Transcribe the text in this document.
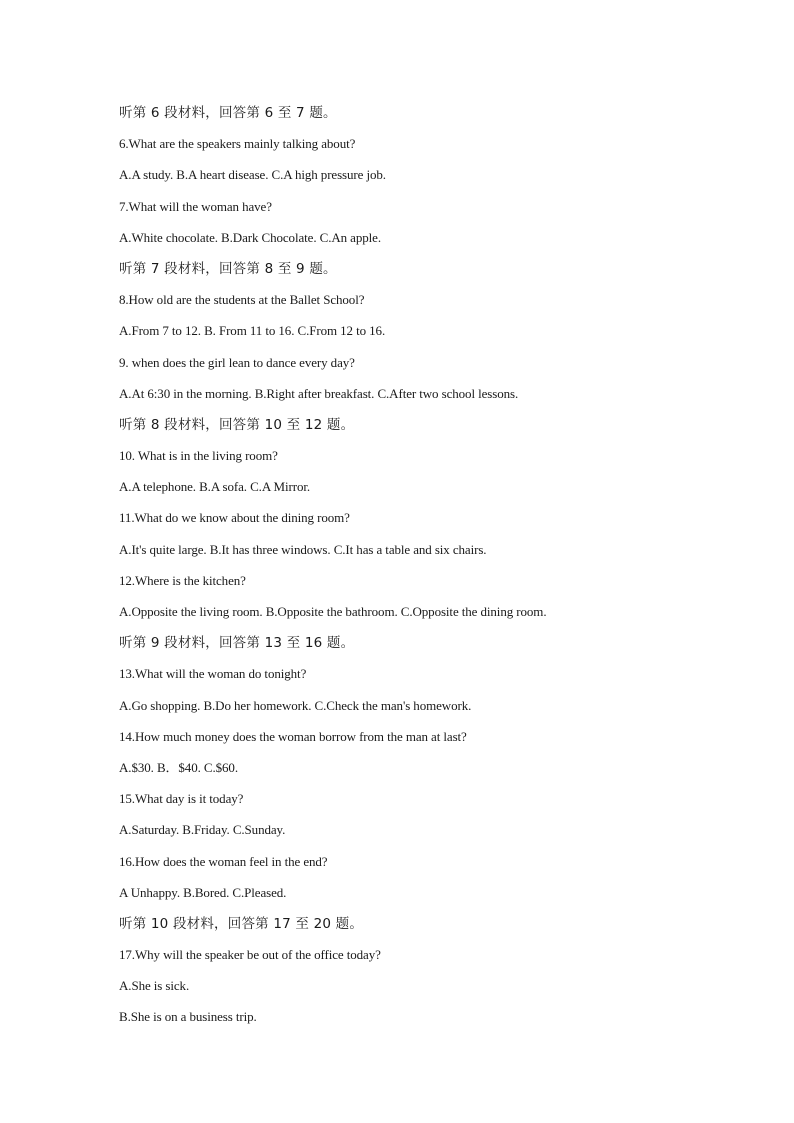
听第 6 段材料，回答第 6 至 7 题。
6.What are the speakers mainly talking about?
A.A study. B.A heart disease. C.A high pressure job.
7.What will the woman have?
A.White chocolate. B.Dark Chocolate. C.An apple.
听第 7 段材料，回答第 8 至 9 题。
8.How old are the students at the Ballet School?
A.From 7 to 12. B. From 11 to 16. C.From 12 to 16.
9. when does the girl lean to dance every day?
A.At 6:30 in the morning. B.Right after breakfast. C.After two school lessons.
听第 8 段材料，回答第 10 至 12 题。
10. What is in the living room?
A.A telephone. B.A sofa. C.A Mirror.
11.What do we know about the dining room?
A.It's quite large. B.It has three windows. C.It has a table and six chairs.
12.Where is the kitchen?
A.Opposite the living room. B.Opposite the bathroom. C.Opposite the dining room.
听第 9 段材料，回答第 13 至 16 题。
13.What will the woman do tonight?
A.Go shopping. B.Do her homework. C.Check the man's homework.
14.How much money does the woman borrow from the man at last?
A.$30. B．$40. C.$60.
15.What day is it today?
A.Saturday. B.Friday. C.Sunday.
16.How does the woman feel in the end?
A Unhappy. B.Bored. C.Pleased.
听第 10 段材料，回答第 17 至 20 题。
17.Why will the speaker be out of the office today?
A.She is sick.
B.She is on a business trip.
